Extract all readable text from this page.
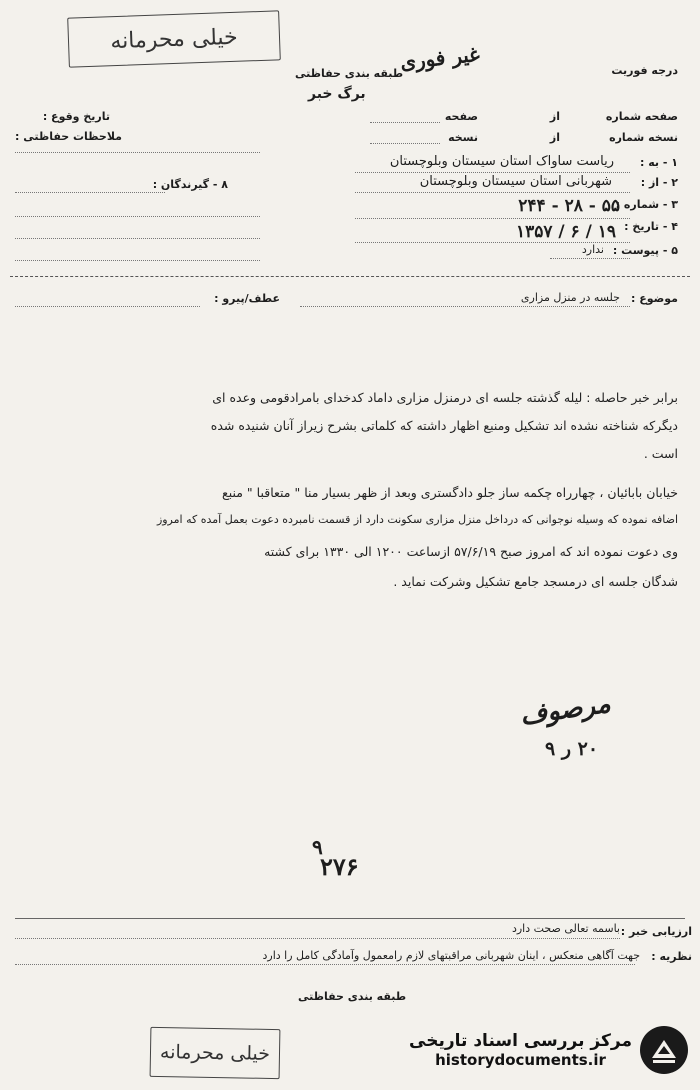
خیلی محرمانه
درجه فوریت
غیر فوری
طبقه بندی حفاظتی
برگ خبر
تاریخ وقوع :
ملاحظات حفاظتی :
۸ - گیرندگان :
صفحه شماره
از
صفحه
نسخه شماره
از
نسخه
۱ - به :
ریاست ساواک استان سیستان وبلوچستان
۲ - از :
شهربانی استان سیستان وبلوچستان
۳ - شماره :
۵۵ - ۲۸ - ۲۴۴
۴ - تاریخ :
۱۹ / ۶ / ۱۳۵۷
۵ - پیوست :
ندارد
موضوع :
جلسه در منزل مزاری
عطف/پیرو :
برابر خبر حاصله : لیله گذشته جلسه ای درمنزل مزاری داماد کدخدای بامرادقومی وعده ای
دیگرکه شناخته نشده اند تشکیل ومنبع اظهار داشته که کلماتی بشرح زیراز آنان شنیده شده
است .
خیابان بابائیان ، چهارراه چکمه ساز جلو دادگستری وبعد از ظهر بسیار منا " متعاقبا " منبع
اضافه نموده که وسیله نوجوانی که درداخل منزل مزاری سکونت دارد از قسمت نامبرده دعوت بعمل آمده که امروز
وی دعوت نموده اند که امروز صبح ۵۷/۶/۱۹ ازساعت ۱۲۰۰ الی ۱۳۳۰ برای کشته
شدگان جلسه ای درمسجد جامع تشکیل وشرکت نماید .
مرصوف
۲۰ ر ۹
۹
۲۷۶
ارزیابی خبر :
باسمه تعالی صحت دارد
نظریه :
جهت آگاهی منعکس ، اینان شهربانی مراقبتهای لازم رامعمول وآمادگی کامل را دارد
طبقه بندی حفاظتی
خیلی محرمانه
مرکز بررسی اسناد تاریخی
historydocuments.ir
